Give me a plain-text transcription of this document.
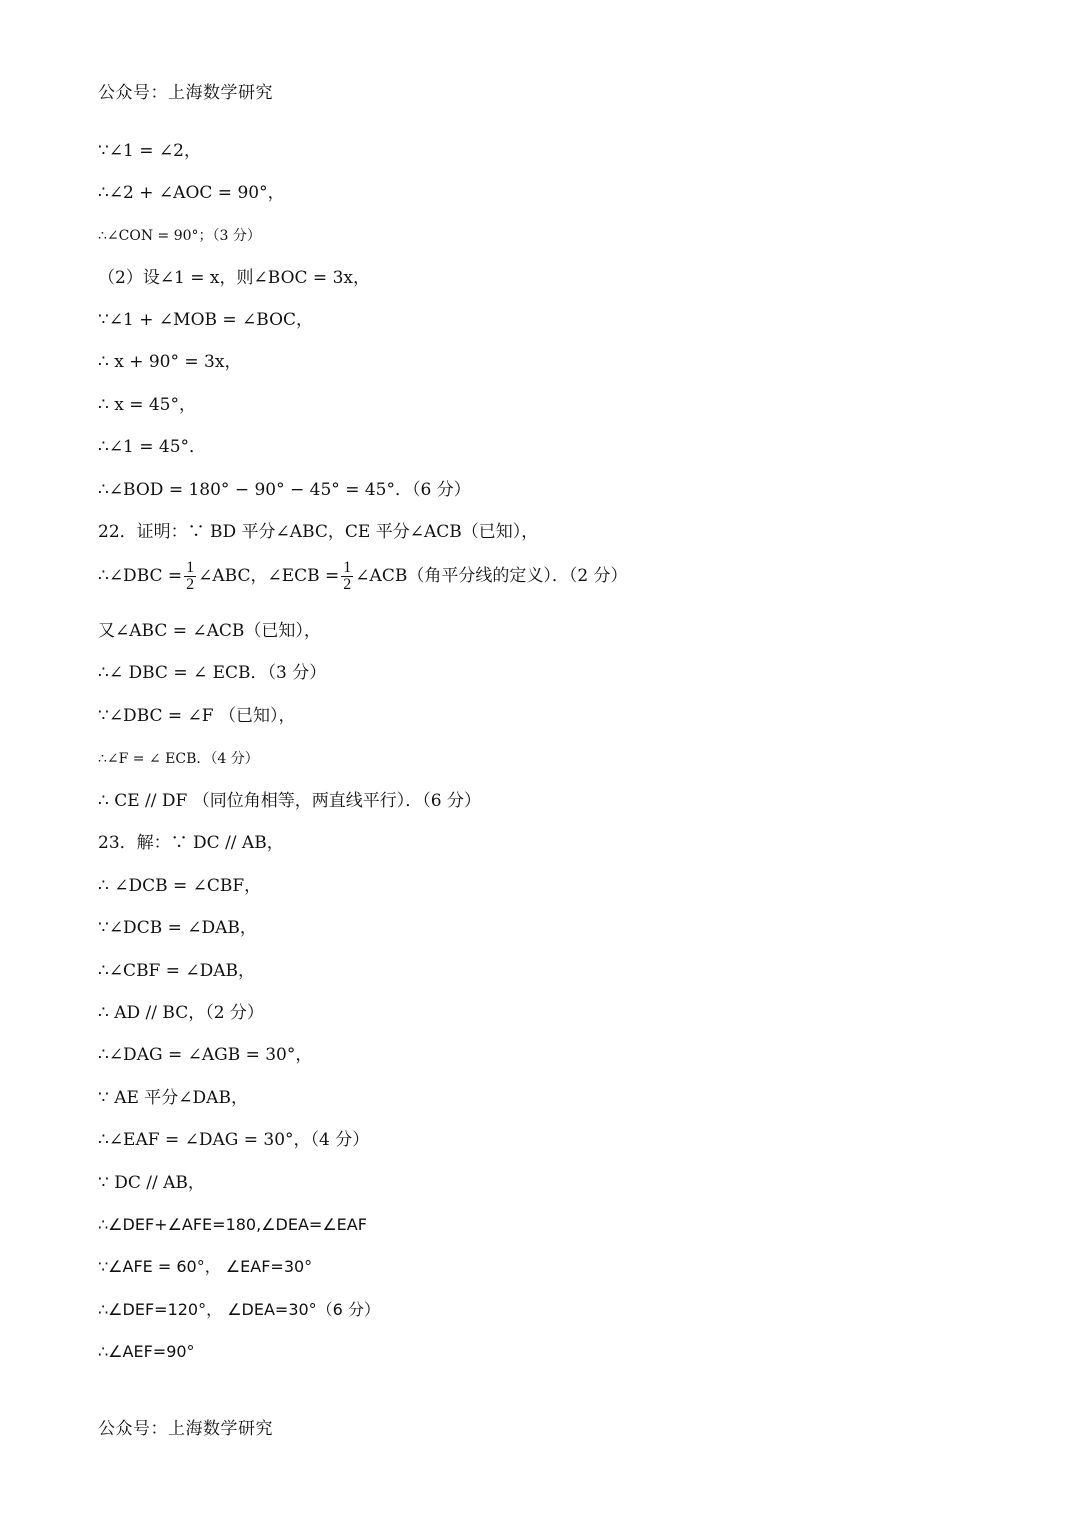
公众号：上海数学研究
∵∠1 = ∠2，
∴∠2 + ∠AOC = 90°，
∴∠CON = 90°；（3 分）
（2）设∠1 = x，则∠BOC = 3x，
∵∠1 + ∠MOB = ∠BOC，
∴ x + 90° = 3x，
∴ x = 45°，
∴∠1 = 45°．
∴∠BOD = 180° − 90° − 45° = 45°．（6 分）
22．证明：∵ BD 平分∠ABC，CE 平分∠ACB（已知），
∴∠DBC = $\frac{1}{2}$ ∠ABC，∠ECB = $\frac{1}{2}$ ∠ACB（角平分线的定义）．（2 分）
又∠ABC = ∠ACB（已知），
∴∠ DBC = ∠ ECB．（3 分）
∵∠DBC = ∠F （已知），
∴∠F = ∠ ECB．（4 分）
∴ CE // DF （同位角相等，两直线平行）．（6 分）
23．解：∵ DC // AB，
∴ ∠DCB = ∠CBF，
∵∠DCB = ∠DAB，
∴∠CBF = ∠DAB，
∴ AD // BC，（2 分）
∴∠DAG = ∠AGB = 30°，
∵ AE 平分∠DAB，
∴∠EAF = ∠DAG = 30°，（4 分）
∵ DC // AB，
∴∠DEF+∠AFE=180,∠DEA=∠EAF
∵∠AFE = 60°， ∠EAF=30°
∴∠DEF=120°， ∠DEA=30°（6 分）
∴∠AEF=90°
公众号：上海数学研究
